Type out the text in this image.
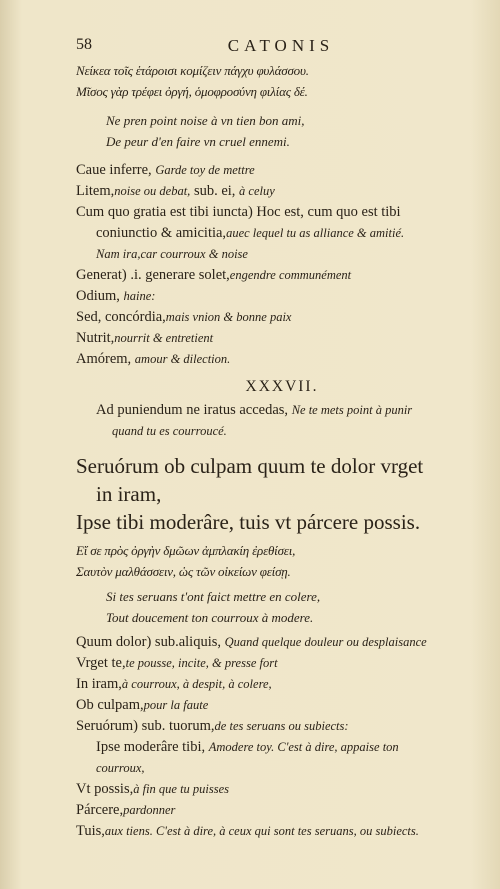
58	CATONIS
Νείκεα τοῖς ἑτάροισι κομίζειν πάγχυ φυλάσσου.
Μῖσος γὰρ τρέφει ὀργή, ὁμοφροσύνη φιλίας δέ.
Ne pren point noise à vn tien bon ami,
De peur d'en faire vn cruel ennemi.
Caue inferre, Garde toy de mettre
Litem,noise ou debat, sub. ei, à celuy
Cum quo gratia est tibi iuncta) Hoc est, cum quo est tibi
coniunctio & amicitia,auec lequel tu as alliance & amitié.
Nam ira,car courroux & noise
Generat) .i. generare solet,engendre communément
Odium, haine:
Sed, concórdia,mais vnion & bonne paix
Nutrit,nourrit & entretient
Amórem, amour & dilection.
XXXVII.
Ad puniendum ne iratus accedas, Ne te mets point à punir
quand tu es courroucé.
Seruórum ob culpam quum te dolor vrget
in iram,
Ipse tibi moderâre, tuis vt párcere possis.
Εἴ σε πρὸς ὀργὴν δμῶων ἀμπλακίη ἐρεθίσει,
Σαυτὸν μαλθάσσειν, ὡς τῶν οἰκείων φείσῃ.
Si tes seruans t'ont faict mettre en colere,
Tout doucement ton courroux à modere.
Quum dolor) sub.aliquis, Quand quelque douleur ou desplaisance
Vrget te,te pousse, incite, & presse fort
In iram,à courroux, à despit, à colere,
Ob culpam,pour la faute
Seruórum) sub. tuorum,de tes seruans ou subiects:
Ipse moderâre tibi, Amodere toy. C'est à dire, appaise ton
courroux,
Vt possis,à fin que tu puisses
Párcere,pardonner
Tuis,aux tiens. C'est à dire, à ceux qui sont tes seruans, ou subiects.
